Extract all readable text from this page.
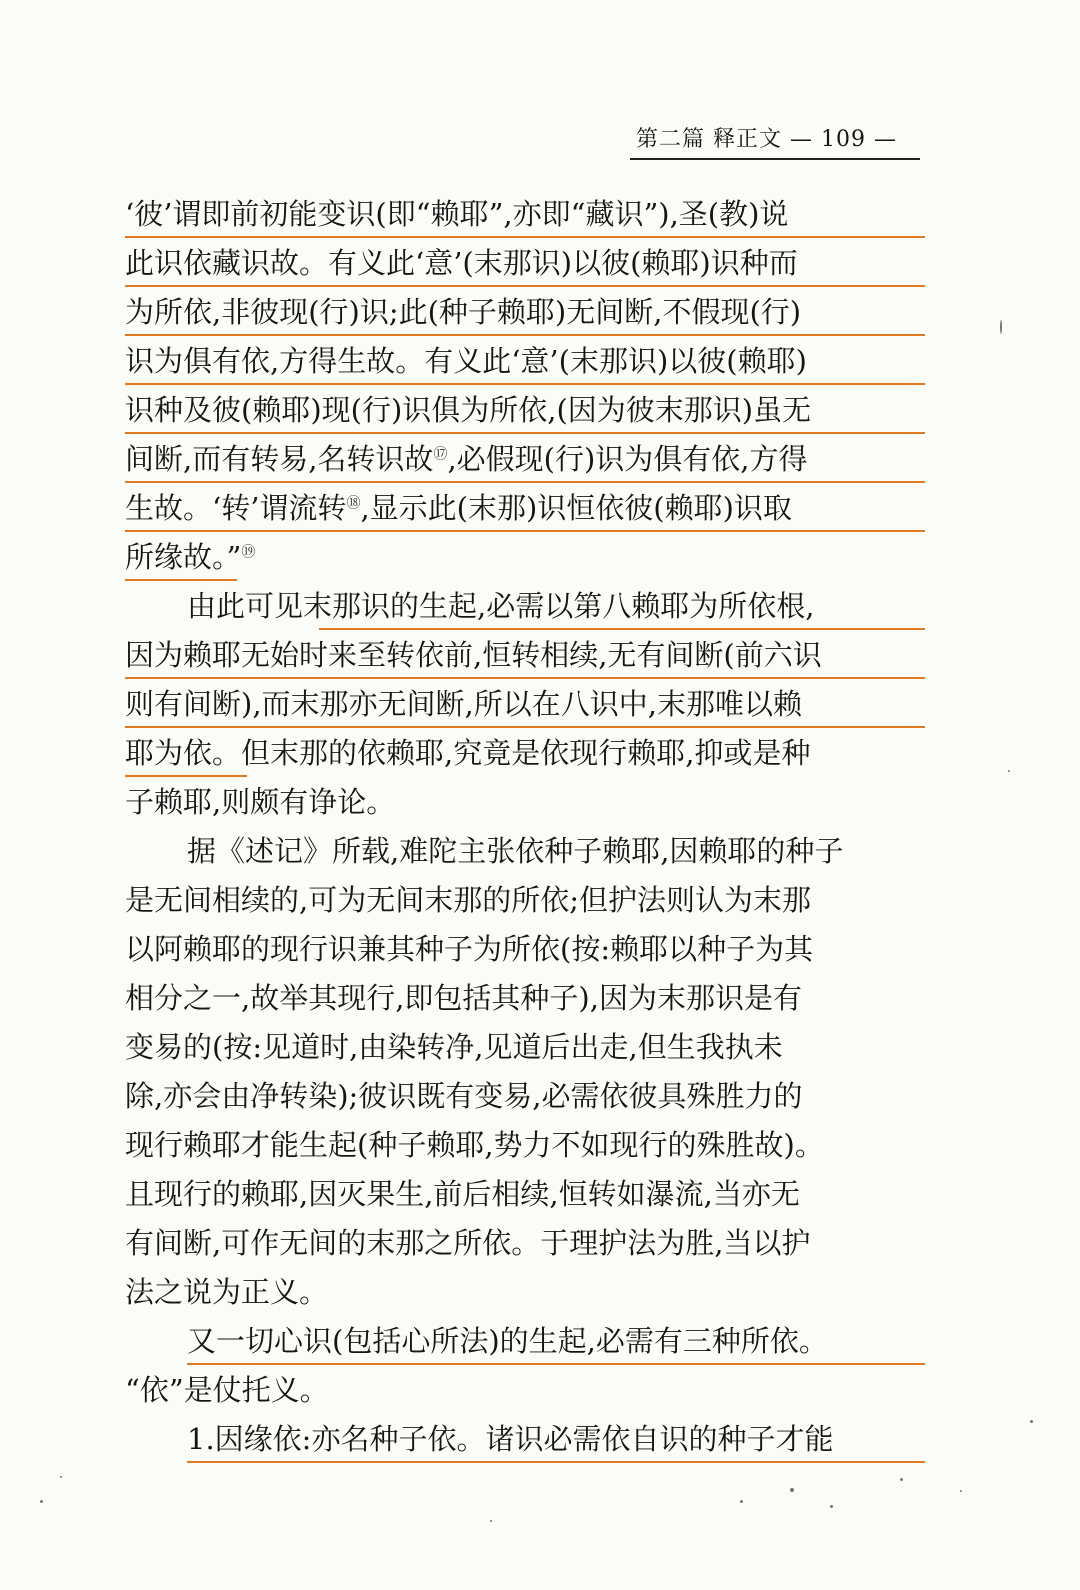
第二篇 释正文 — 109 —
‘彼’谓即前初能变识(即“赖耶”,亦即“藏识”),圣(教)说
此识依藏识故。有义此‘意’(末那识)以彼(赖耶)识种而
为所依,非彼现(行)识;此(种子赖耶)无间断,不假现(行)
识为俱有依,方得生故。有义此‘意’(末那识)以彼(赖耶)
识种及彼(赖耶)现(行)识俱为所依,(因为彼末那识)虽无
间断,而有转易,名转识故⑰,必假现(行)识为俱有依,方得
生故。‘转’谓流转⑱,显示此(末那)识恒依彼(赖耶)识取
所缘故。”⑲
由此可见末那识的生起,必需以第八赖耶为所依根,
因为赖耶无始时来至转依前,恒转相续,无有间断(前六识
则有间断),而末那亦无间断,所以在八识中,末那唯以赖
耶为依。但末那的依赖耶,究竟是依现行赖耶,抑或是种
子赖耶,则颇有诤论。
据《述记》所载,难陀主张依种子赖耶,因赖耶的种子
是无间相续的,可为无间末那的所依;但护法则认为末那
以阿赖耶的现行识兼其种子为所依(按:赖耶以种子为其
相分之一,故举其现行,即包括其种子),因为末那识是有
变易的(按:见道时,由染转净,见道后出走,但生我执未
除,亦会由净转染);彼识既有变易,必需依彼具殊胜力的
现行赖耶才能生起(种子赖耶,势力不如现行的殊胜故)。
且现行的赖耶,因灭果生,前后相续,恒转如瀑流,当亦无
有间断,可作无间的末那之所依。于理护法为胜,当以护
法之说为正义。
又一切心识(包括心所法)的生起,必需有三种所依。
“依”是仗托义。
1.因缘依:亦名种子依。诸识必需依自识的种子才能
